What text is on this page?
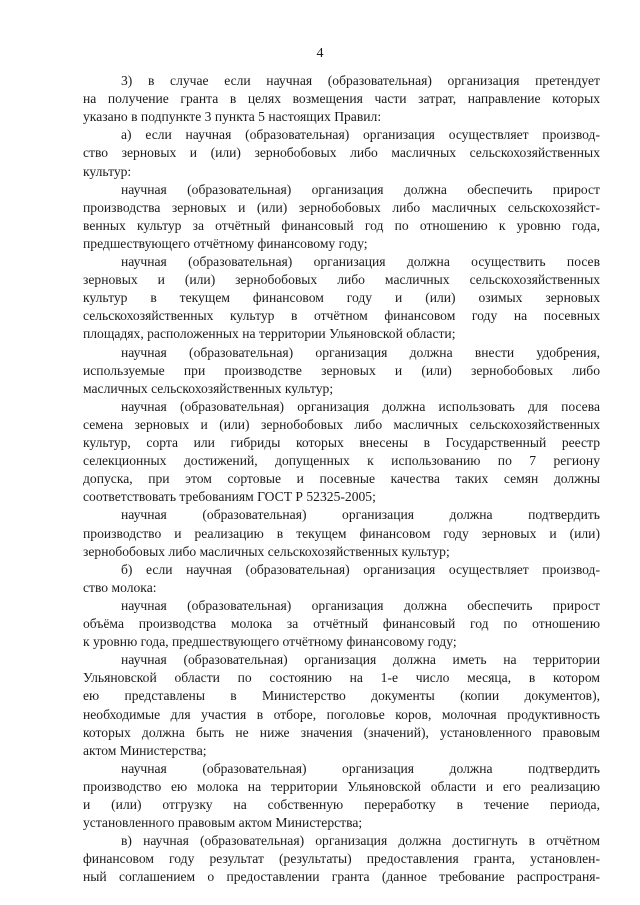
4
3) в случае если научная (образовательная) организация претендует
на получение гранта в целях возмещения части затрат, направление которых
указано в подпункте 3 пункта 5 настоящих Правил:
а) если научная (образовательная) организация осуществляет производ-
ство зерновых и (или) зернобобовых либо масличных сельскохозяйственных
культур:
научная (образовательная) организация должна обеспечить прирост
производства зерновых и (или) зернобобовых либо масличных сельскохозяйст-
венных культур за отчётный финансовый год по отношению к уровню года,
предшествующего отчётному финансовому году;
научная (образовательная) организация должна осуществить посев
зерновых и (или) зернобобовых либо масличных сельскохозяйственных
культур в текущем финансовом году и (или) озимых зерновых
сельскохозяйственных культур в отчётном финансовом году на посевных
площадях, расположенных на территории Ульяновской области;
научная (образовательная) организация должна внести удобрения,
используемые при производстве зерновых и (или) зернобобовых либо
масличных сельскохозяйственных культур;
научная (образовательная) организация должна использовать для посева
семена зерновых и (или) зернобобовых либо масличных сельскохозяйственных
культур, сорта или гибриды которых внесены в Государственный реестр
селекционных достижений, допущенных к использованию по 7 региону
допуска, при этом сортовые и посевные качества таких семян должны
соответствовать требованиям ГОСТ Р 52325-2005;
научная (образовательная) организация должна подтвердить
производство и реализацию в текущем финансовом году зерновых и (или)
зернобобовых либо масличных сельскохозяйственных культур;
б) если научная (образовательная) организация осуществляет производ-
ство молока:
научная (образовательная) организация должна обеспечить прирост
объёма производства молока за отчётный финансовый год по отношению
к уровню года, предшествующего отчётному финансовому году;
научная (образовательная) организация должна иметь на территории
Ульяновской области по состоянию на 1-е число месяца, в котором
ею представлены в Министерство документы (копии документов),
необходимые для участия в отборе, поголовье коров, молочная продуктивность
которых должна быть не ниже значения (значений), установленного правовым
актом Министерства;
научная (образовательная) организация должна подтвердить
производство ею молока на территории Ульяновской области и его реализацию
и (или) отгрузку на собственную переработку в течение периода,
установленного правовым актом Министерства;
в) научная (образовательная) организация должна достигнуть в отчётном
финансовом году результат (результаты) предоставления гранта, установлен-
ный соглашением о предоставлении гранта (данное требование распространя-
